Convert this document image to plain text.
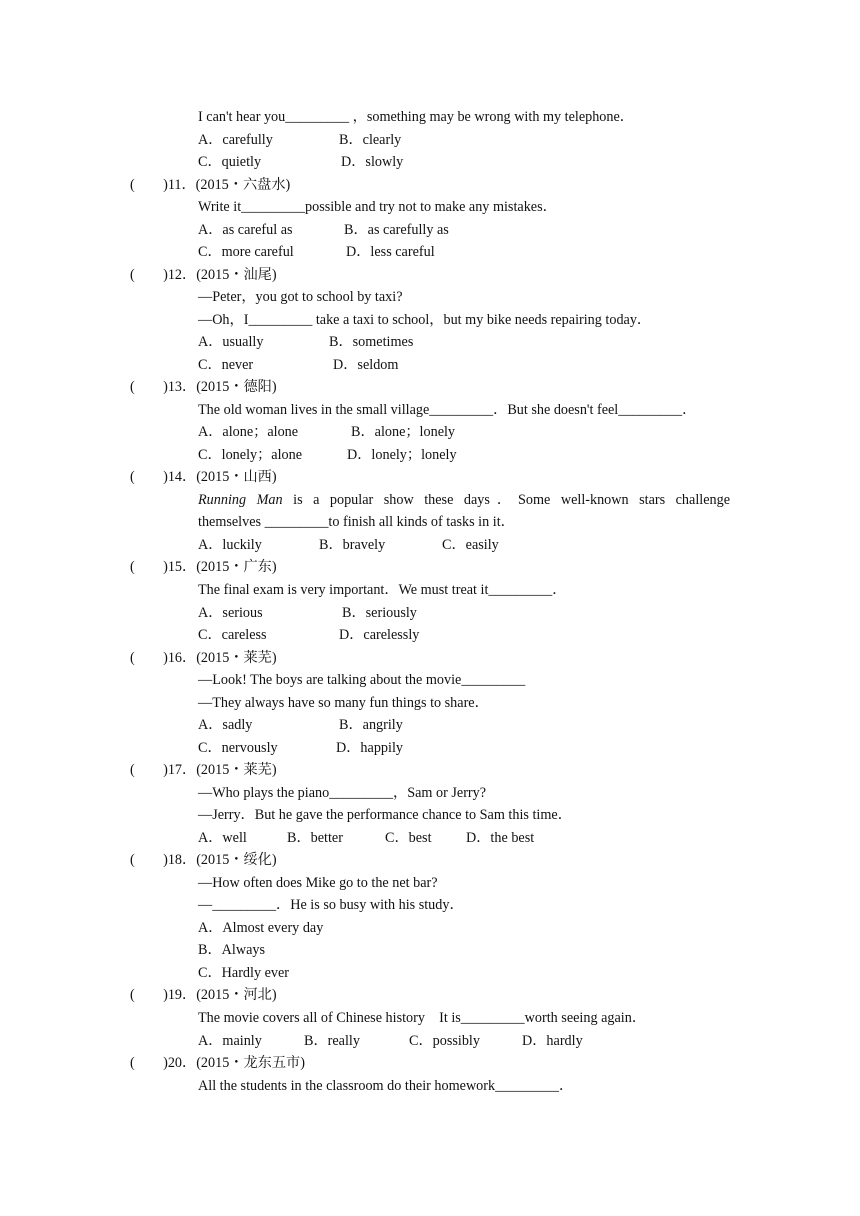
I can't hear you_________ ，something may be wrong with my telephone．
A．carefully	B．clearly
C．quietly	D．slowly
(　　)11．(2015・六盘水)
Write it_________possible and try not to make any mistakes．
A．as careful as	B．as carefully as
C．more careful	D．less careful
(　　)12．(2015・汕尾)
—Peter，you got to school by taxi?
—Oh，I_________ take a taxi to school，but my bike needs repairing today．
A．usually	B．sometimes
C．never	D．seldom
(　　)13．(2015・德阳)
The old woman lives in the small village_________．But she doesn't feel_________．
A．alone；alone	B．alone；lonely
C．lonely；alone	D．lonely；lonely
(　　)14．(2015・山西)
Running Man is a popular show these days．Some well-known stars challenge
themselves _________to finish all kinds of tasks in it．
A．luckily	B．bravely	C．easily
(　　)15．(2015・广东)
The final exam is very important．We must treat it_________．
A．serious	B．seriously
C．careless	D．carelessly
(　　)16．(2015・莱芜)
—Look! The boys are talking about the movie_________
—They always have so many fun things to share．
A．sadly	B．angrily
C．nervously	D．happily
(　　)17．(2015・莱芜)
—Who plays the piano_________，Sam or Jerry?
—Jerry．But he gave the performance chance to Sam this time．
A．well	B．better	C．best D．the best
(　　)18．(2015・绥化)
—How often does Mike go to the net bar?
—_________．He is so busy with his study．
A．Almost every day
B．Always
C．Hardly ever
(　　)19．(2015・河北)
The movie covers all of Chinese history    It is_________worth seeing again．
A．mainly	B．really	C．possibly	D．hardly
(　　)20．(2015・龙东五市)
All the students in the classroom do their homework_________．
